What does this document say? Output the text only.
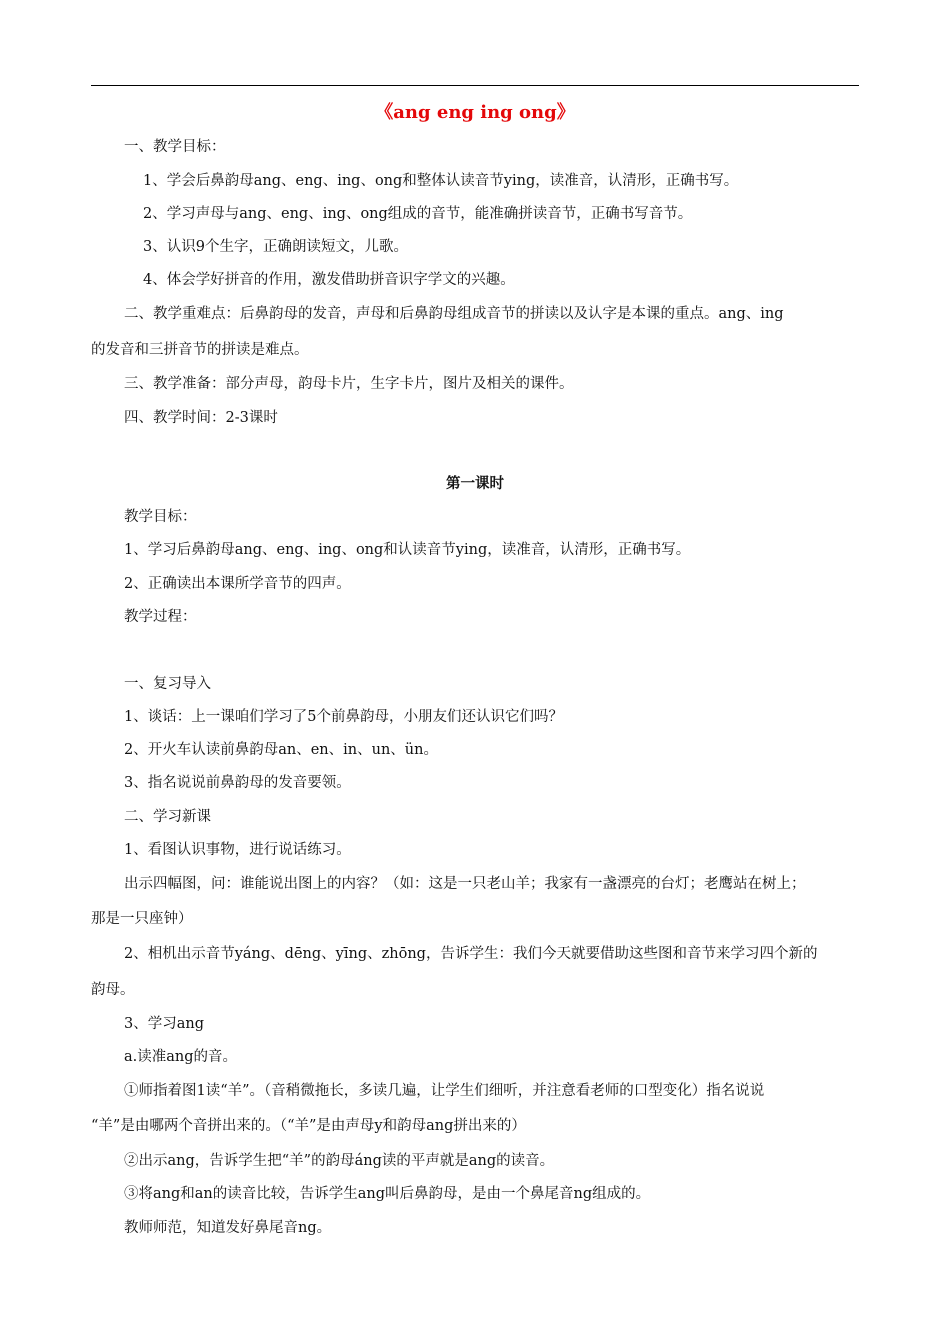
《ang eng ing ong》
一、教学目标：
1、学会后鼻韵母ang、eng、ing、ong和整体认读音节ying，读准音，认清形，正确书写。
2、学习声母与ang、eng、ing、ong组成的音节，能准确拼读音节，正确书写音节。
3、认识9个生字，正确朗读短文，儿歌。
4、体会学好拼音的作用，激发借助拼音识字学文的兴趣。
二、教学重难点：后鼻韵母的发音，声母和后鼻韵母组成音节的拼读以及认字是本课的重点。ang、ing
的发音和三拼音节的拼读是难点。
三、教学准备：部分声母，韵母卡片，生字卡片，图片及相关的课件。
四、教学时间：2-3课时
第一课时
教学目标：
1、学习后鼻韵母ang、eng、ing、ong和认读音节ying，读准音，认清形，正确书写。
2、正确读出本课所学音节的四声。
教学过程：
一、复习导入
1、谈话：上一课咱们学习了5个前鼻韵母，小朋友们还认识它们吗？
2、开火车认读前鼻韵母an、en、in、un、ün。
3、指名说说前鼻韵母的发音要领。
二、学习新课
1、看图认识事物，进行说话练习。
出示四幅图，问：谁能说出图上的内容？（如：这是一只老山羊；我家有一盏漂亮的台灯；老鹰站在树上；
那是一只座钟）
2、相机出示音节yáng、dēng、yīng、zhōng，告诉学生：我们今天就要借助这些图和音节来学习四个新的
韵母。
3、学习ang
a.读准ang的音。
①师指着图1读“羊”。（音稍微拖长，多读几遍，让学生们细听，并注意看老师的口型变化）指名说说
“羊”是由哪两个音拼出来的。（“羊”是由声母y和韵母ang拼出来的）
②出示ang，告诉学生把“羊”的韵母áng读的平声就是ang的读音。
③将ang和an的读音比较，告诉学生ang叫后鼻韵母，是由一个鼻尾音ng组成的。
教师师范，知道发好鼻尾音ng。
